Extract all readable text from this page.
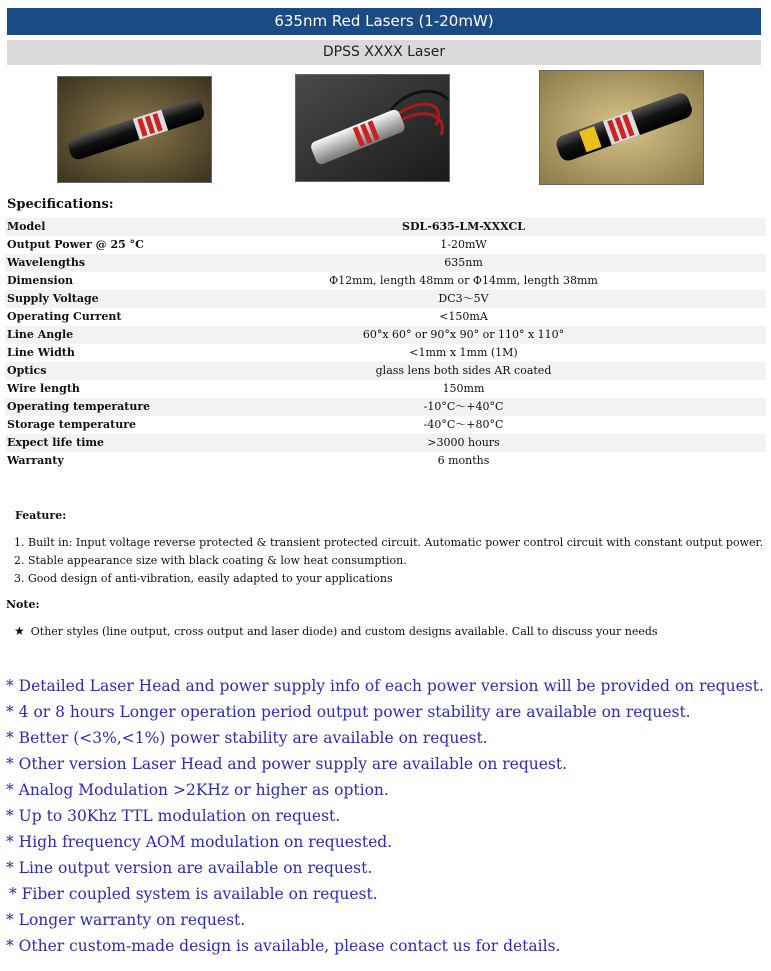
635nm Red Lasers (1-20mW)
DPSS XXXX Laser
Specifications:
Model	SDL-635-LM-XXXCL
Output Power @ 25 °C	1-20mW
Wavelengths	635nm
Dimension	Φ12mm, length 48mm or Φ14mm, length 38mm
Supply Voltage	DC3～5V
Operating Current	<150mA
Line Angle	60°x 60° or 90°x 90° or 110° x 110°
Line Width	<1mm x 1mm (1M)
Optics	glass lens both sides AR coated
Wire length	150mm
Operating temperature	-10°C～+40°C
Storage temperature	-40°C～+80°C
Expect life time	>3000 hours
Warranty	6 months
Feature:
1. Built in: Input voltage reverse protected & transient protected circuit. Automatic power control circuit with constant output power.
2. Stable appearance size with black coating & low heat consumption.
3. Good design of anti-vibration, easily adapted to your applications
Note:
★ Other styles (line output, cross output and laser diode) and custom designs available. Call to discuss your needs
* Detailed Laser Head and power supply info of each power version will be provided on request.
* 4 or 8 hours Longer operation period output power stability are available on request.
* Better (<3%,<1%) power stability are available on request.
* Other version Laser Head and power supply are available on request.
* Analog Modulation >2KHz or higher as option.
* Up to 30Khz TTL modulation on request.
* High frequency AOM modulation on requested.
* Line output version are available on request.
* Fiber coupled system is available on request.
* Longer warranty on request.
* Other custom-made design is available, please contact us for details.
